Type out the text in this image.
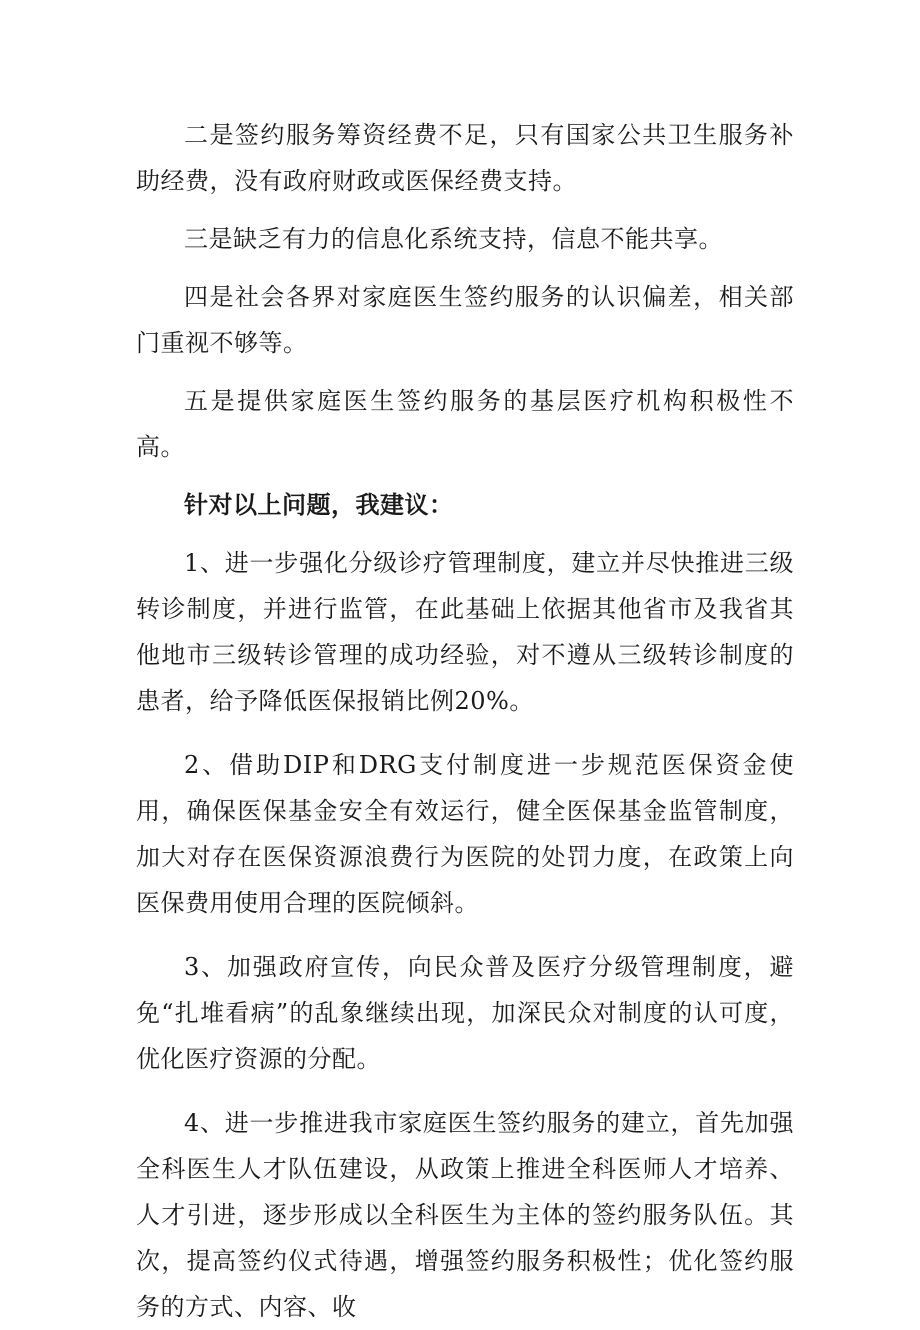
二是签约服务筹资经费不足，只有国家公共卫生服务补助经费，没有政府财政或医保经费支持。

三是缺乏有力的信息化系统支持，信息不能共享。

四是社会各界对家庭医生签约服务的认识偏差，相关部门重视不够等。

五是提供家庭医生签约服务的基层医疗机构积极性不高。

针对以上问题，我建议：

1、进一步强化分级诊疗管理制度，建立并尽快推进三级转诊制度，并进行监管，在此基础上依据其他省市及我省其他地市三级转诊管理的成功经验，对不遵从三级转诊制度的患者，给予降低医保报销比例20%。

2、借助DIP和DRG支付制度进一步规范医保资金使用，确保医保基金安全有效运行，健全医保基金监管制度，加大对存在医保资源浪费行为医院的处罚力度，在政策上向医保费用使用合理的医院倾斜。

3、加强政府宣传，向民众普及医疗分级管理制度，避免“扎堆看病”的乱象继续出现，加深民众对制度的认可度，优化医疗资源的分配。

4、进一步推进我市家庭医生签约服务的建立，首先加强全科医生人才队伍建设，从政策上推进全科医师人才培养、人才引进，逐步形成以全科医生为主体的签约服务队伍。其次，提高签约仪式待遇，增强签约服务积极性；优化签约服务的方式、内容、收
